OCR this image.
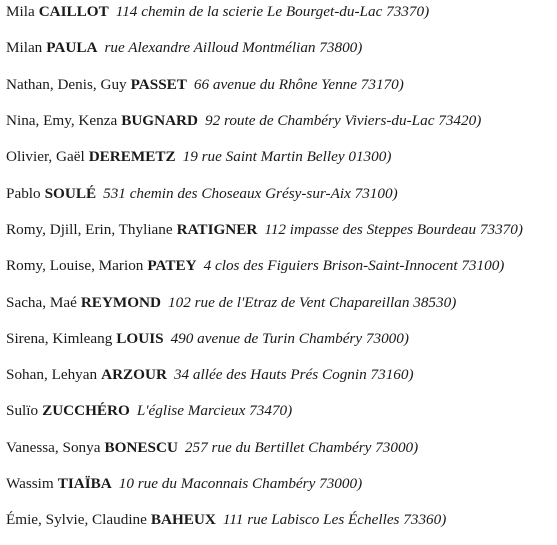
Mila CAILLOT 114 chemin de la scierie Le Bourget-du-Lac 73370)
Milan PAULA rue Alexandre Ailloud Montmélian 73800)
Nathan, Denis, Guy PASSET 66 avenue du Rhône Yenne 73170)
Nina, Emy, Kenza BUGNARD 92 route de Chambéry Viviers-du-Lac 73420)
Olivier, Gaël DEREMETZ 19 rue Saint Martin Belley 01300)
Pablo SOULÉ 531 chemin des Choseaux Grésy-sur-Aix 73100)
Romy, Djill, Erin, Thyliane RATIGNER 112 impasse des Steppes Bourdeau 73370)
Romy, Louise, Marion PATEY 4 clos des Figuiers Brison-Saint-Innocent 73100)
Sacha, Maé REYMOND 102 rue de l'Etraz de Vent Chapareillan 38530)
Sirena, Kimleang LOUIS 490 avenue de Turin Chambéry 73000)
Sohan, Lehyan ARZOUR 34 allée des Hauts Prés Cognin 73160)
Sulïo ZUCCHÉRO L'église Marcieux 73470)
Vanessa, Sonya BONESCU 257 rue du Bertillet Chambéry 73000)
Wassim TIAÏBA 10 rue du Maconnais Chambéry 73000)
Émie, Sylvie, Claudine BAHEUX 111 rue Labisco Les Échelles 73360)
